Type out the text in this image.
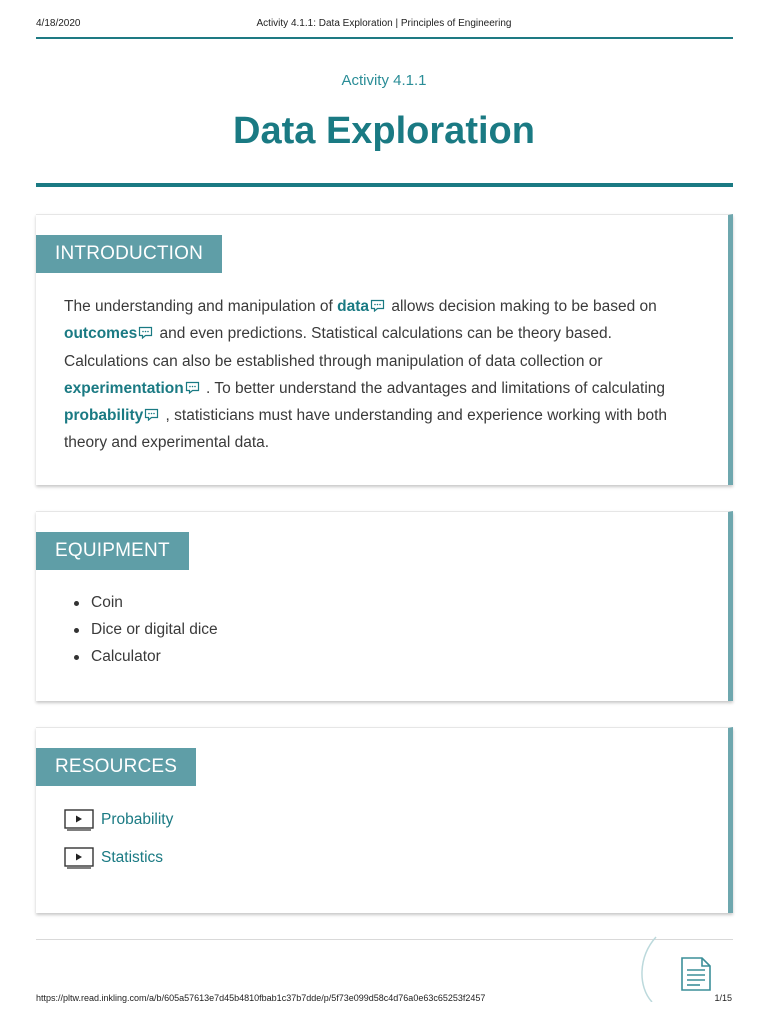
4/18/2020	Activity 4.1.1: Data Exploration | Principles of Engineering
Activity 4.1.1
Data Exploration
INTRODUCTION
The understanding and manipulation of data allows decision making to be based on outcomes and even predictions. Statistical calculations can be theory based. Calculations can also be established through manipulation of data collection or experimentation . To better understand the advantages and limitations of calculating probability , statisticians must have understanding and experience working with both theory and experimental data.
EQUIPMENT
Coin
Dice or digital dice
Calculator
RESOURCES
Probability
Statistics
https://pltw.read.inkling.com/a/b/605a57613e7d45b4810fbab1c37b7dde/p/5f73e099d58c4d76a0e63c65253f2457	1/15
